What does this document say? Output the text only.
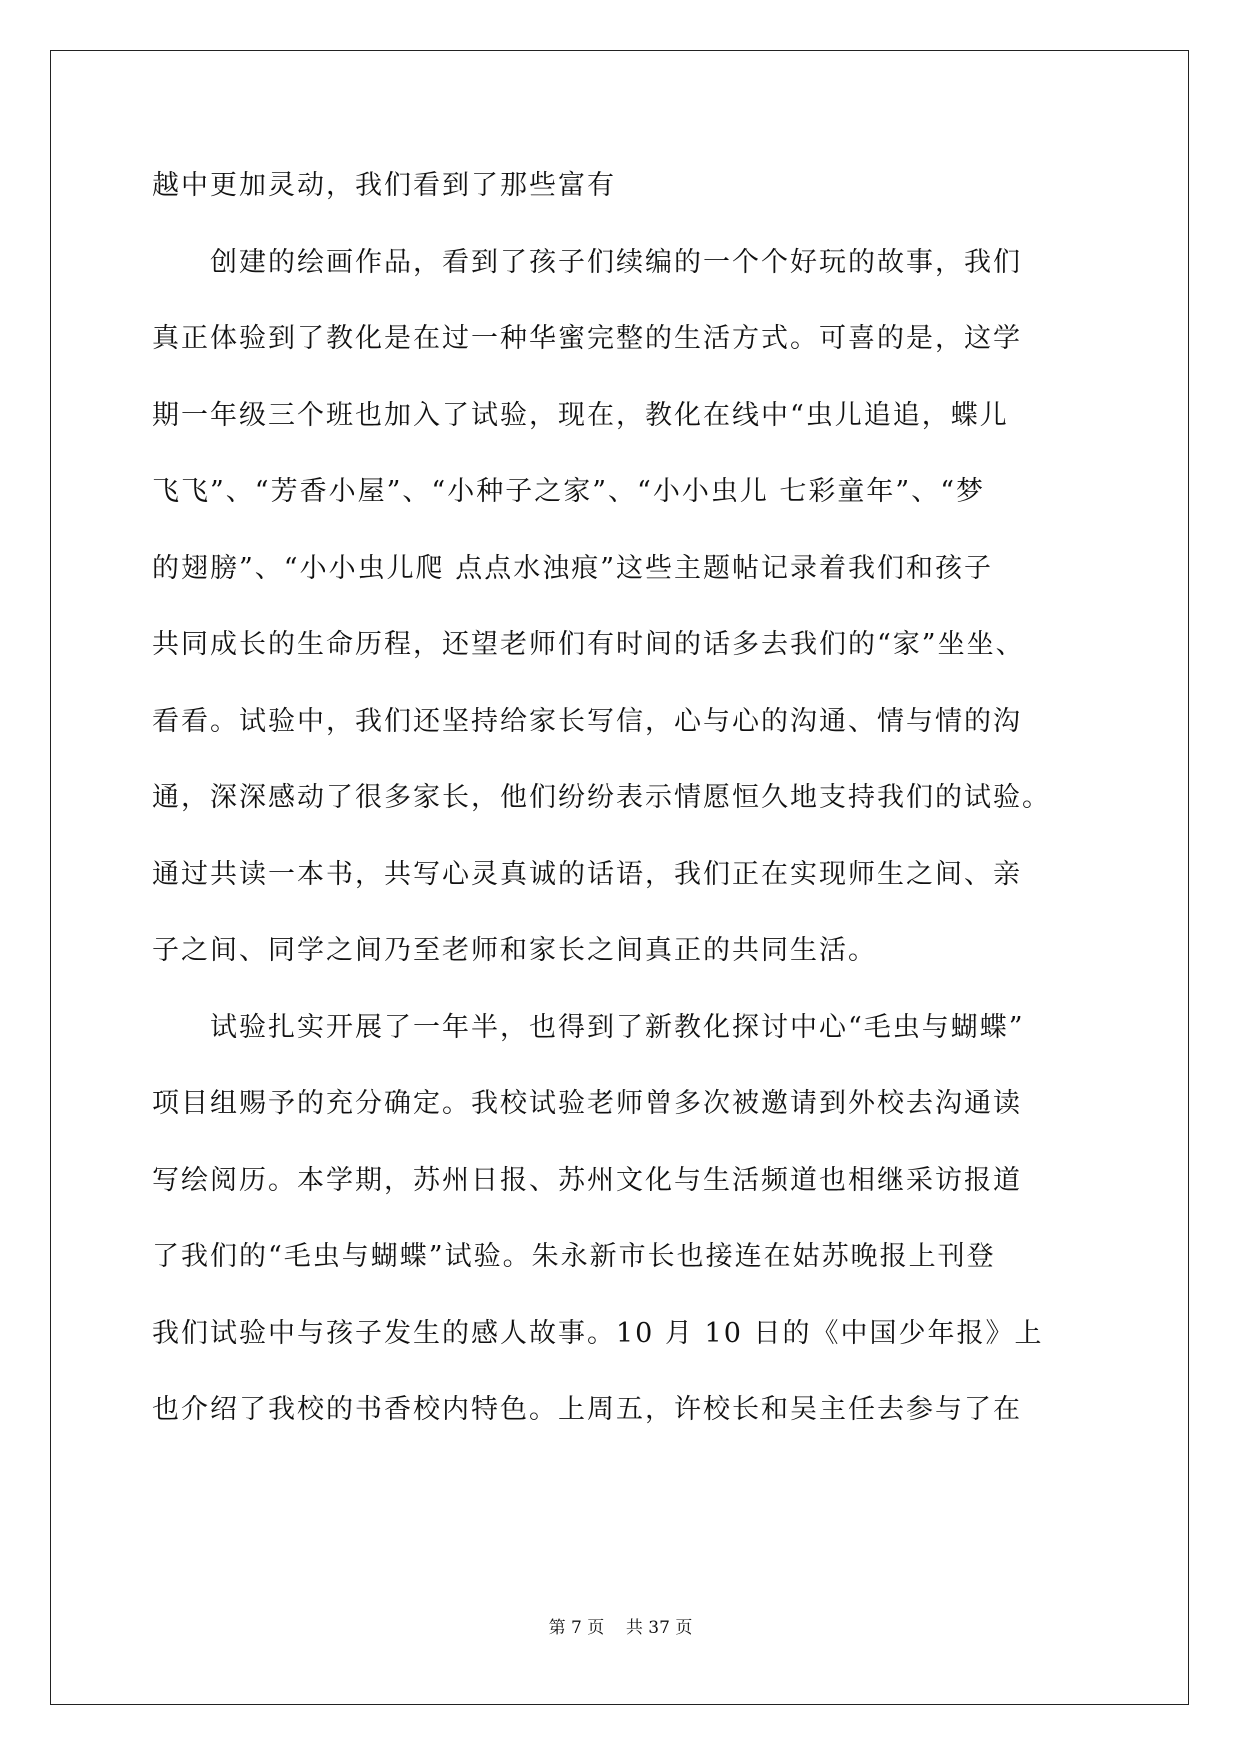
越中更加灵动，我们看到了那些富有
创建的绘画作品，看到了孩子们续编的一个个好玩的故事，我们
真正体验到了教化是在过一种华蜜完整的生活方式。可喜的是，这学
期一年级三个班也加入了试验，现在，教化在线中“虫儿追追，蝶儿
飞飞”、“芳香小屋”、“小种子之家”、“小小虫儿 七彩童年”、“梦
的翅膀”、“小小虫儿爬 点点水浊痕”这些主题帖记录着我们和孩子
共同成长的生命历程，还望老师们有时间的话多去我们的“家”坐坐、
看看。试验中，我们还坚持给家长写信，心与心的沟通、情与情的沟
通，深深感动了很多家长，他们纷纷表示情愿恒久地支持我们的试验。
通过共读一本书，共写心灵真诚的话语，我们正在实现师生之间、亲
子之间、同学之间乃至老师和家长之间真正的共同生活。
试验扎实开展了一年半，也得到了新教化探讨中心“毛虫与蝴蝶”
项目组赐予的充分确定。我校试验老师曾多次被邀请到外校去沟通读
写绘阅历。本学期，苏州日报、苏州文化与生活频道也相继采访报道
了我们的“毛虫与蝴蝶”试验。朱永新市长也接连在姑苏晚报上刊登
我们试验中与孩子发生的感人故事。10 月 10 日的《中国少年报》上
也介绍了我校的书香校内特色。上周五，许校长和吴主任去参与了在
第 7 页    共 37 页
